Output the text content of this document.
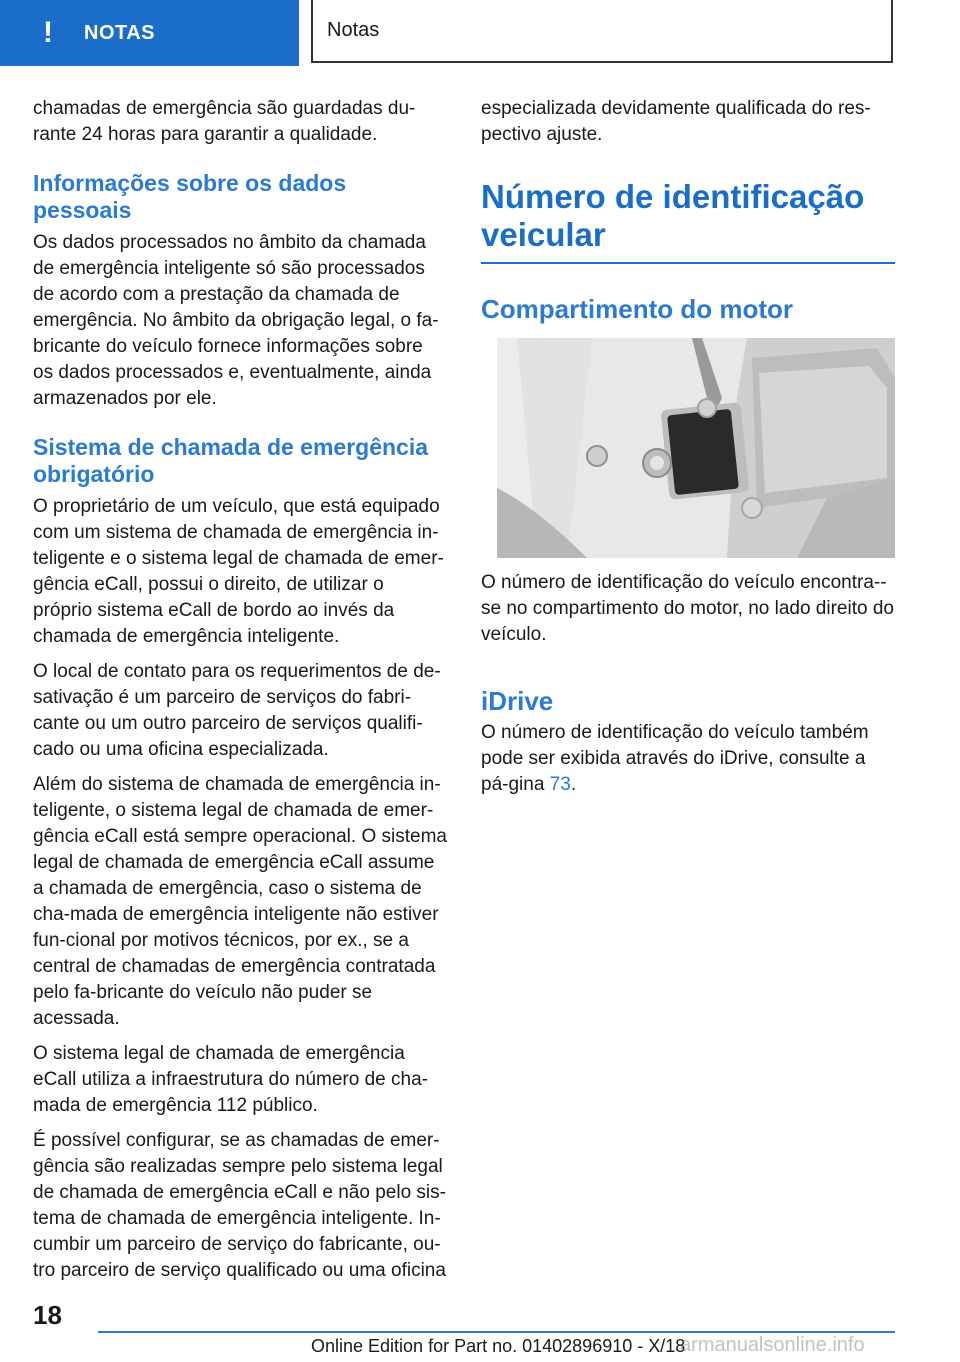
! NOTAS	Notas

chamadas de emergência são guardadas du-rante 24 horas para garantir a qualidade.

Informações sobre os dados pessoais

Os dados processados no âmbito da chamada de emergência inteligente só são processados de acordo com a prestação da chamada de emergência. No âmbito da obrigação legal, o fa-bricante do veículo fornece informações sobre os dados processados e, eventualmente, ainda armazenados por ele.

Sistema de chamada de emergência obrigatório

O proprietário de um veículo, que está equipado com um sistema de chamada de emergência in-teligente e o sistema legal de chamada de emer-gência eCall, possui o direito, de utilizar o próprio sistema eCall de bordo ao invés da chamada de emergência inteligente.

O local de contato para os requerimentos de de-sativação é um parceiro de serviços do fabri-cante ou um outro parceiro de serviços qualifi-cado ou uma oficina especializada.

Além do sistema de chamada de emergência in-teligente, o sistema legal de chamada de emer-gência eCall está sempre operacional. O sistema legal de chamada de emergência eCall assume a chamada de emergência, caso o sistema de cha-mada de emergência inteligente não estiver fun-cional por motivos técnicos, por ex., se a central de chamadas de emergência contratada pelo fa-bricante do veículo não puder se acessada.

O sistema legal de chamada de emergência eCall utiliza a infraestrutura do número de cha-mada de emergência 112 público.

É possível configurar, se as chamadas de emer-gência são realizadas sempre pelo sistema legal de chamada de emergência eCall e não pelo sis-tema de chamada de emergência inteligente. In-cumbir um parceiro de serviço do fabricante, ou-tro parceiro de serviço qualificado ou uma oficina

especializada devidamente qualificada do res-pectivo ajuste.

Número de identificação veicular
Compartimento do motor

O número de identificação do veículo encontra--se no compartimento do motor, no lado direito do veículo.

iDrive

O número de identificação do veículo também pode ser exibida através do iDrive, consulte a pá-gina 73.

18
Online Edition for Part no. 01402896910 - X/18
armanualsonline.info
